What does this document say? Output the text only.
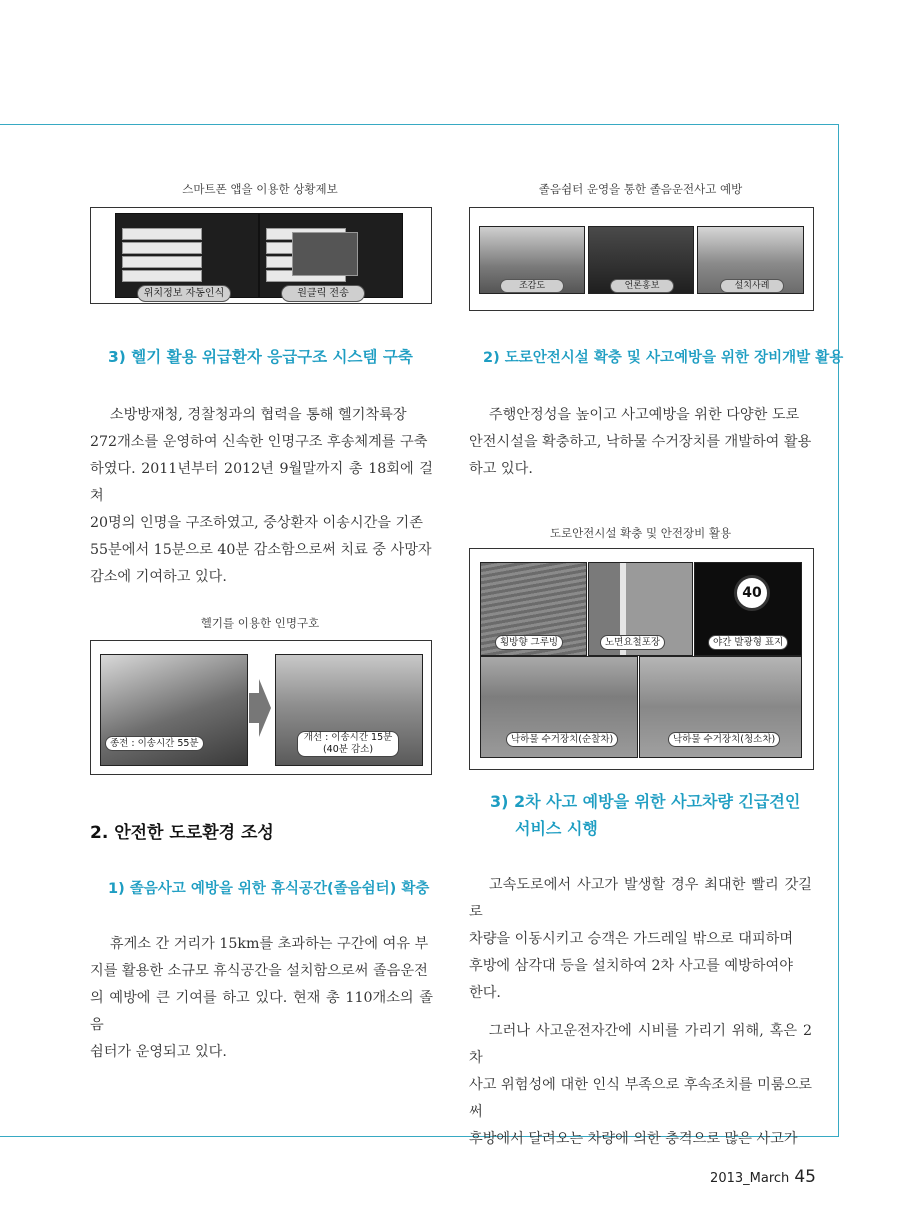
스마트폰 앱을 이용한 상황제보
위치정보 자동인식	원클릭 전송
3) 헬기 활용 위급환자 응급구조 시스템 구축
소방방재청, 경찰청과의 협력을 통해 헬기착륙장
272개소를 운영하여 신속한 인명구조 후송체계를 구축
하였다. 2011년부터 2012년 9월말까지 총 18회에 걸쳐
20명의 인명을 구조하였고, 중상환자 이송시간을 기존
55분에서 15분으로 40분 감소함으로써 치료 중 사망자
감소에 기여하고 있다.
헬기를 이용한 인명구호
종전 : 이송시간 55분
개선 : 이송시간 15분
(40분 감소)
2. 안전한 도로환경 조성
1) 졸음사고 예방을 위한 휴식공간(졸음쉼터) 확충
휴게소 간 거리가 15km를 초과하는 구간에 여유 부
지를 활용한 소규모 휴식공간을 설치함으로써 졸음운전
의 예방에 큰 기여를 하고 있다. 현재 총 110개소의 졸음
쉼터가 운영되고 있다.
졸음쉼터 운영을 통한 졸음운전사고 예방
조감도	언론홍보	설치사례
2) 도로안전시설 확충 및 사고예방을 위한 장비개발 활용
주행안정성을 높이고 사고예방을 위한 다양한 도로
안전시설을 확충하고, 낙하물 수거장치를 개발하여 활용
하고 있다.
도로안전시설 확충 및 안전장비 활용
40
횡방향 그루빙	노면요철포장	야간 발광형 표지
낙하물 수거장치(순찰차)	낙하물 수거장치(청소차)
3) 2차 사고 예방을 위한 사고차량 긴급견인
서비스 시행
고속도로에서 사고가 발생할 경우 최대한 빨리 갓길로
차량을 이동시키고 승객은 가드레일 밖으로 대피하며
후방에 삼각대 등을 설치하여 2차 사고를 예방하여야
한다.
그러나 사고운전자간에 시비를 가리기 위해, 혹은 2차
사고 위험성에 대한 인식 부족으로 후속조치를 미룸으로써
후방에서 달려오는 차량에 의한 충격으로 많은 사고가
2013_March 45
